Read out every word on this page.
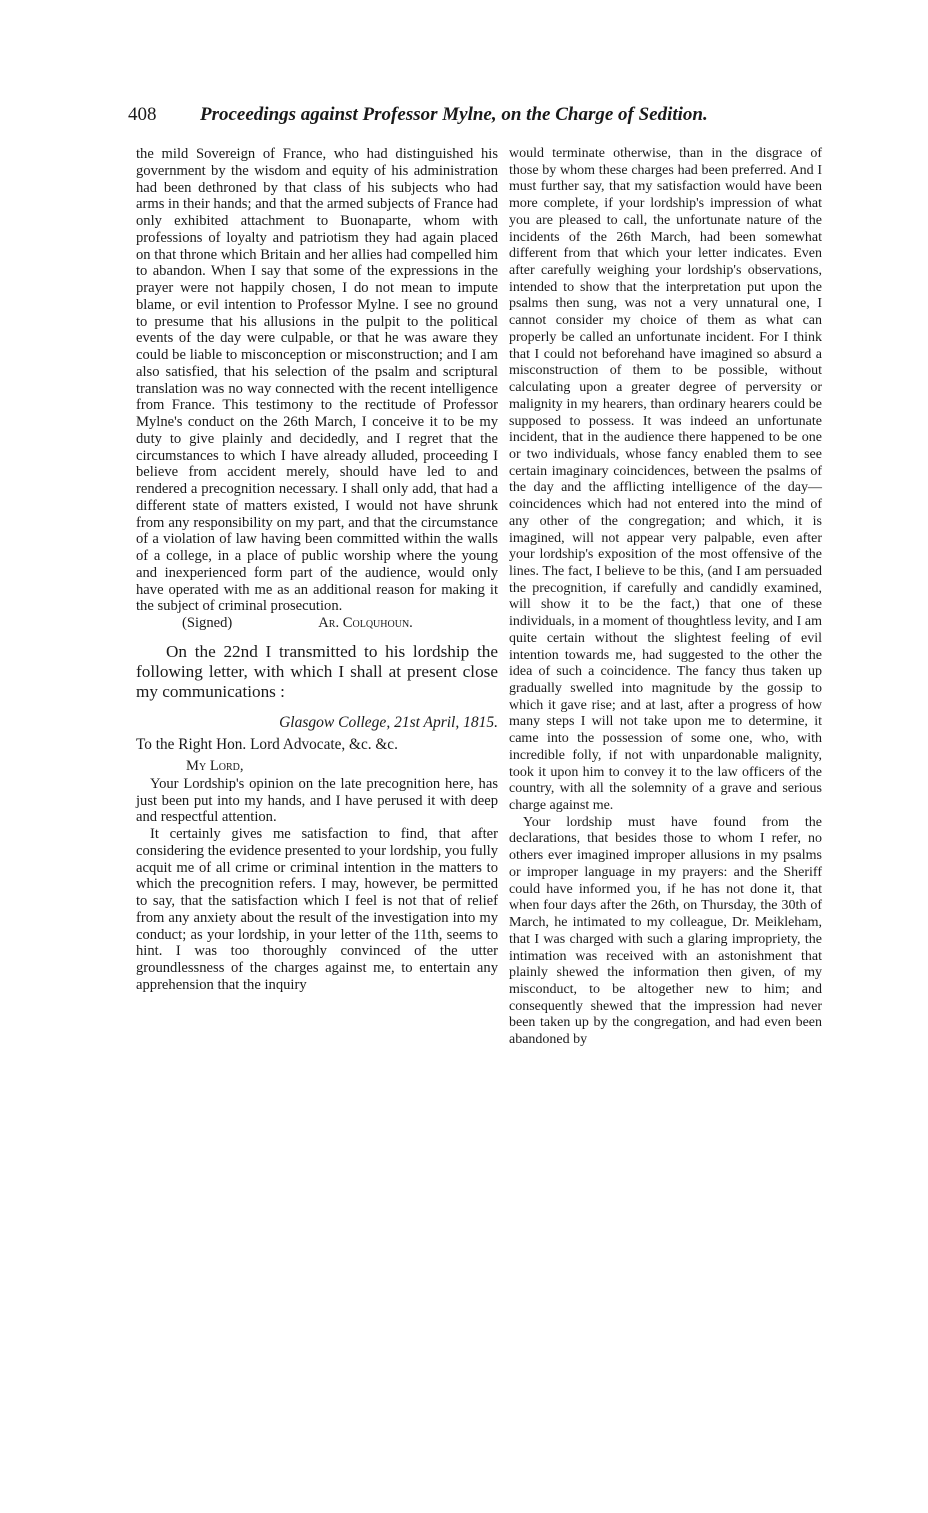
408 Proceedings against Professor Mylne, on the Charge of Sedition.

the mild Sovereign of France, who had distinguished his government by the wisdom and equity of his administration had been dethroned by that class of his subjects who had arms in their hands; and that the armed subjects of France had only exhibited attachment to Buonaparte, whom with professions of loyalty and patriotism they had again placed on that throne which Britain and her allies had compelled him to abandon. When I say that some of the expressions in the prayer were not happily chosen, I do not mean to impute blame, or evil intention to Professor Mylne. I see no ground to presume that his allusions in the pulpit to the political events of the day were culpable, or that he was aware they could be liable to misconception or misconstruction; and I am also satisfied, that his selection of the psalm and scriptural translation was no way connected with the recent intelligence from France. This testimony to the rectitude of Professor Mylne's conduct on the 26th March, I conceive it to be my duty to give plainly and decidedly, and I regret that the circumstances to which I have already alluded, proceeding I believe from accident merely, should have led to and rendered a precognition necessary. I shall only add, that had a different state of matters existed, I would not have shrunk from any responsibility on my part, and that the circumstance of a violation of law having been committed within the walls of a college, in a place of public worship where the young and inexperienced form part of the audience, would only have operated with me as an additional reason for making it the subject of criminal prosecution.

(Signed)	Ar. Colquhoun.

On the 22nd I transmitted to his lordship the following letter, with which I shall at present close my communications :

Glasgow College, 21st April, 1815.

To the Right Hon. Lord Advocate, &c. &c.

My Lord,

Your Lordship's opinion on the late precognition here, has just been put into my hands, and I have perused it with deep and respectful attention.

It certainly gives me satisfaction to find, that after considering the evidence presented to your lordship, you fully acquit me of all crime or criminal intention in the matters to which the precognition refers. I may, however, be permitted to say, that the satisfaction which I feel is not that of relief from any anxiety about the result of the investigation into my conduct; as your lordship, in your letter of the 11th, seems to hint. I was too thoroughly convinced of the utter groundlessness of the charges against me, to entertain any apprehension that the inquiry

would terminate otherwise, than in the disgrace of those by whom these charges had been preferred. And I must further say, that my satisfaction would have been more complete, if your lordship's impression of what you are pleased to call, the unfortunate nature of the incidents of the 26th March, had been somewhat different from that which your letter indicates. Even after carefully weighing your lordship's observations, intended to show that the interpretation put upon the psalms then sung, was not a very unnatural one, I cannot consider my choice of them as what can properly be called an unfortunate incident. For I think that I could not beforehand have imagined so absurd a misconstruction of them to be possible, without calculating upon a greater degree of perversity or malignity in my hearers, than ordinary hearers could be supposed to possess. It was indeed an unfortunate incident, that in the audience there happened to be one or two individuals, whose fancy enabled them to see certain imaginary coincidences, between the psalms of the day and the afflicting intelligence of the day—coincidences which had not entered into the mind of any other of the congregation; and which, it is imagined, will not appear very palpable, even after your lordship's exposition of the most offensive of the lines. The fact, I believe to be this, (and I am persuaded the precognition, if carefully and candidly examined, will show it to be the fact,) that one of these individuals, in a moment of thoughtless levity, and I am quite certain without the slightest feeling of evil intention towards me, had suggested to the other the idea of such a coincidence. The fancy thus taken up gradually swelled into magnitude by the gossip to which it gave rise; and at last, after a progress of how many steps I will not take upon me to determine, it came into the possession of some one, who, with incredible folly, if not with unpardonable malignity, took it upon him to convey it to the law officers of the country, with all the solemnity of a grave and serious charge against me.

Your lordship must have found from the declarations, that besides those to whom I refer, no others ever imagined improper allusions in my psalms or improper language in my prayers: and the Sheriff could have informed you, if he has not done it, that when four days after the 26th, on Thursday, the 30th of March, he intimated to my colleague, Dr. Meikleham, that I was charged with such a glaring impropriety, the intimation was received with an astonishment that plainly shewed the information then given, of my misconduct, to be altogether new to him; and consequently shewed that the impression had never been taken up by the congregation, and had even been abandoned by
